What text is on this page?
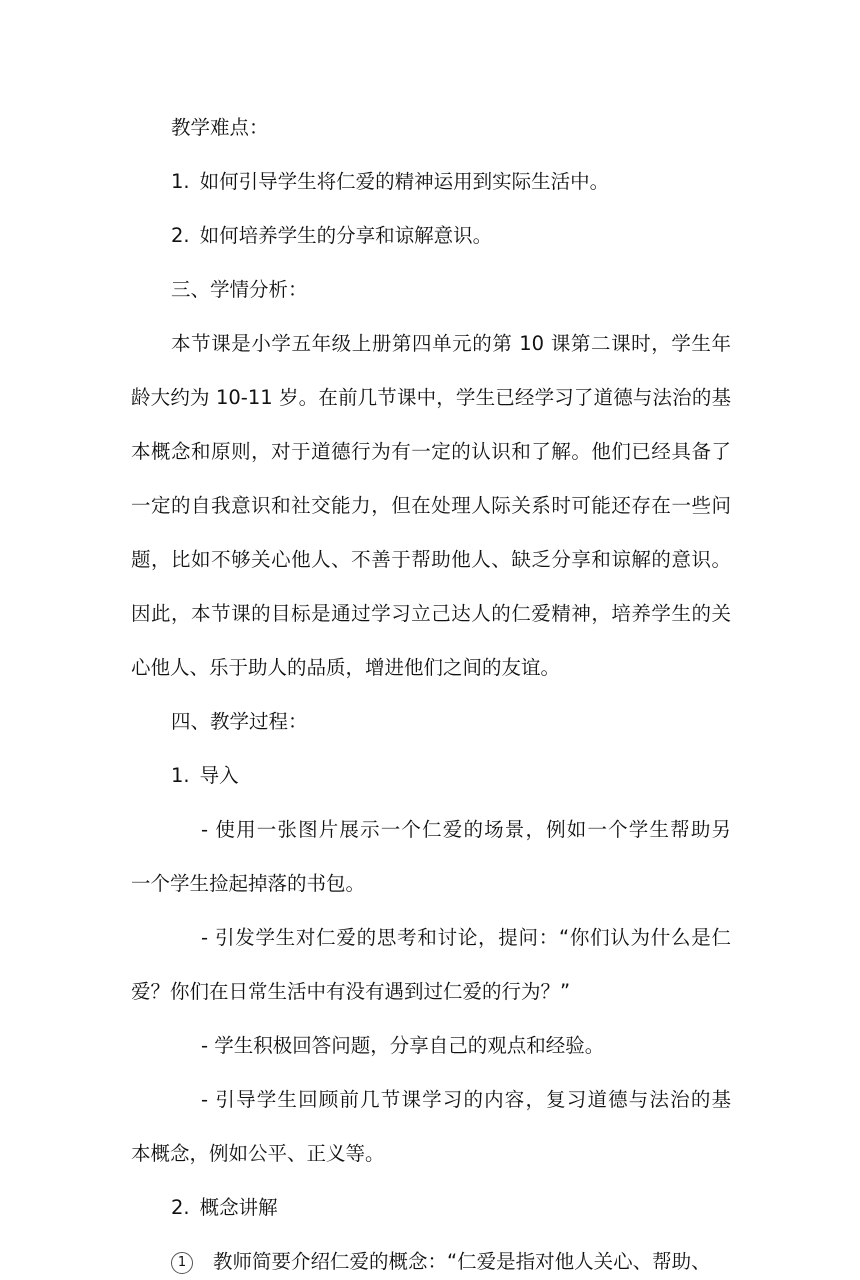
教学难点：
1. 如何引导学生将仁爱的精神运用到实际生活中。
2. 如何培养学生的分享和谅解意识。
三、学情分析：
本节课是小学五年级上册第四单元的第 10 课第二课时，学生年
龄大约为 10-11 岁。在前几节课中，学生已经学习了道德与法治的基
本概念和原则，对于道德行为有一定的认识和了解。他们已经具备了
一定的自我意识和社交能力，但在处理人际关系时可能还存在一些问
题，比如不够关心他人、不善于帮助他人、缺乏分享和谅解的意识。
因此，本节课的目标是通过学习立己达人的仁爱精神，培养学生的关
心他人、乐于助人的品质，增进他们之间的友谊。
四、教学过程：
1. 导入
- 使用一张图片展示一个仁爱的场景，例如一个学生帮助另
一个学生捡起掉落的书包。
- 引发学生对仁爱的思考和讨论，提问：“你们认为什么是仁
爱？你们在日常生活中有没有遇到过仁爱的行为？”
- 学生积极回答问题，分享自己的观点和经验。
- 引导学生回顾前几节课学习的内容，复习道德与法治的基
本概念，例如公平、正义等。
2. 概念讲解
1 教师简要介绍仁爱的概念：“仁爱是指对他人关心、帮助、
